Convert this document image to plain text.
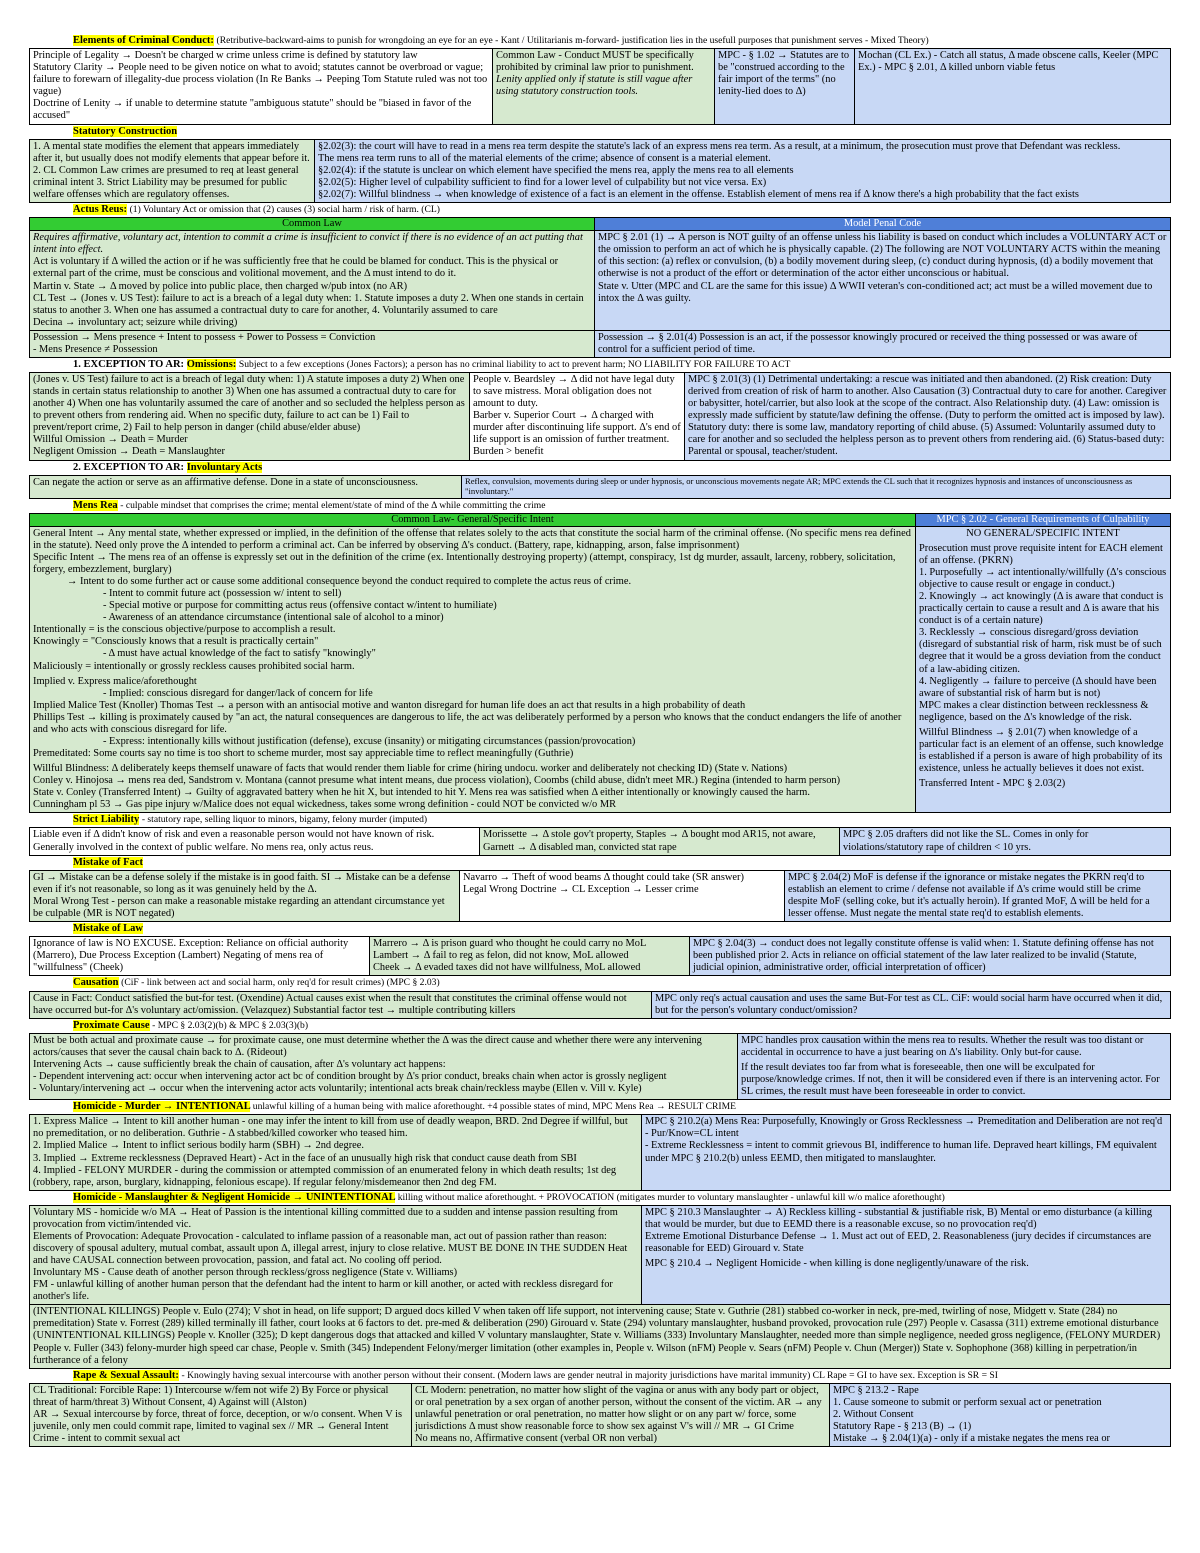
Elements of Criminal Conduct: (Retributive-backward-aims to punish for wrongdoing an eye for an eye - Kant / Utilitarianis m-forward- justification lies in the usefull purposes that punishment serves - Mixed Theory)

Principle of Legality → Doesn't be charged w crime unless crime is defined by statutory law

Statutory Clarity → People need to be given notice on what to avoid; statutes cannot be overbroad or vague; failure to forewarn of illegality-due process violation (In Re Banks → Peeping Tom Statute ruled was not too vague)

Doctrine of Lenity → if unable to determine statute "ambiguous statute" should be "biased in favor of the accused"

Common Law - Conduct MUST be specifically prohibited by criminal law prior to punishment.

Lenity applied only if statute is still vague after using statutory construction tools.

MPC - § 1.02 → Statutes are to be "construed according to the fair import of the terms" (no lenity-lied does to Δ)

Mochan (CL Ex.) - Catch all status, Δ made obscene calls, Keeler (MPC Ex.) - MPC § 2.01, Δ killed unborn viable fetus

Statutory Construction

1. A mental state modifies the element that appears immediately after it, but usually does not modify elements that appear before it. 2. CL Common Law crimes are presumed to req at least general criminal intent 3. Strict Liability may be presumed for public welfare offenses which are regulatory offenses.

§2.02(3): the court will have to read in a mens rea term despite the statute's lack of an express mens rea term. As a result, at a minimum, the prosecution must prove that Defendant was reckless.

The mens rea term runs to all of the material elements of the crime; absence of consent is a material element.

§2.02(4): if the statute is unclear on which element have specified the mens rea, apply the mens rea to all elements

§2.02(5): Higher level of culpability sufficient to find for a lower level of culpability but not vice versa. Ex)

§2.02(7): Willful blindness → when knowledge of existence of a fact is an element in the offense. Establish element of mens rea if Δ know there's a high probability that the fact exists

Actus Reus: (1) Voluntary Act or omission that (2) causes (3) social harm / risk of harm. (CL)
Common Law

Requires affirmative, voluntary act, intention to commit a crime is insufficient to convict if there is no evidence of an act putting that intent into effect.

Act is voluntary if Δ willed the action or if he was sufficiently free that he could be blamed for conduct. This is the physical or external part of the crime, must be conscious and volitional movement, and the Δ must intend to do it.

Martin v. State → Δ moved by police into public place, then charged w/pub intox (no AR)

CL Test → (Jones v. US Test): failure to act is a breach of a legal duty when: 1. Statute imposes a duty 2. When one stands in certain status to another 3. When one has assumed a contractual duty to care for another, 4. Voluntarily assumed to care

Decina → involuntary act; seizure while driving)

Model Penal Code

MPC § 2.01 (1) → A person is NOT guilty of an offense unless his liability is based on conduct which includes a VOLUNTARY ACT or the omission to perform an act of which he is physically capable. (2) The following are NOT VOLUNTARY ACTS within the meaning of this section: (a) reflex or convulsion, (b) a bodily movement during sleep, (c) conduct during hypnosis, (d) a bodily movement that otherwise is not a product of the effort or determination of the actor either unconscious or habitual.

State v. Utter (MPC and CL are the same for this issue) Δ WWII veteran's con-conditioned act; act must be a willed movement due to intox the Δ was guilty.

Possession → Mens presence + Intent to possess + Power to Possess = Conviction

- Mens Presence ≠ Possession

Possession → § 2.01(4) Possession is an act, if the possessor knowingly procured or received the thing possessed or was aware of control for a sufficient period of time.

1. EXCEPTION TO AR: Omissions: Subject to a few exceptions (Jones Factors); a person has no criminal liability to act to prevent harm; NO LIABILITY FOR FAILURE TO ACT

(Jones v. US Test) failure to act is a breach of legal duty when: 1) A statute imposes a duty 2) When one stands in certain status relationship to another 3) When one has assumed a contractual duty to care for another 4) When one has voluntarily assumed the care of another and so secluded the helpless person as to prevent others from rendering aid. When no specific duty, failure to act can be 1) Fail to prevent/report crime, 2) Fail to help person in danger (child abuse/elder abuse)

Willful Omission → Death = Murder

Negligent Omission → Death = Manslaughter

People v. Beardsley → Δ did not have legal duty to save mistress. Moral obligation does not amount to duty.

Barber v. Superior Court → Δ charged with murder after discontinuing life support. Δ's end of life support is an omission of further treatment. Burden > benefit

MPC § 2.01(3) (1) Detrimental undertaking: a rescue was initiated and then abandoned. (2) Risk creation: Duty derived from creation of risk of harm to another. Also Causation (3) Contractual duty to care for another. Caregiver or babysitter, hotel/carrier, but also look at the scope of the contract. Also Relationship duty. (4) Law: omission is expressly made sufficient by statute/law defining the offense. (Duty to perform the omitted act is imposed by law). Statutory duty: there is some law, mandatory reporting of child abuse. (5) Assumed: Voluntarily assumed duty to care for another and so secluded the helpless person as to prevent others from rendering aid. (6) Status-based duty: Parental or spousal, teacher/student.

2. EXCEPTION TO AR: Involuntary Acts

Can negate the action or serve as an affirmative defense. Done in a state of unconsciousness.	Reflex, convulsion, movements during sleep or under hypnosis, or unconscious movements negate AR; MPC extends the CL such that it recognizes hypnosis and instances of unconsciousness as "involuntary."

Mens Rea - culpable mindset that comprises the crime; mental element/state of mind of the Δ while committing the crime
Common Law- General/Specific Intent

General Intent → Any mental state, whether expressed or implied, in the definition of the offense that relates solely to the acts that constitute the social harm of the criminal offense. (No specific mens rea defined in the statute). Need only prove the Δ intended to perform a criminal act. Can be inferred by observing Δ's conduct. (Battery, rape, kidnapping, arson, false imprisonment)

Specific Intent → The mens rea of an offense is expressly set out in the definition of the crime (ex. Intentionally destroying property) (attempt, conspiracy, 1st dg murder, assault, larceny, robbery, solicitation, forgery, embezzlement, burglary)

→ Intent to do some further act or cause some additional consequence beyond the conduct required to complete the actus reus of crime.

- Intent to commit future act (possession w/ intent to sell)

- Special motive or purpose for committing actus reus (offensive contact w/intent to humiliate)

- Awareness of an attendance circumstance (intentional sale of alcohol to a minor)

Intentionally = is the conscious objective/purpose to accomplish a result.

Knowingly = "Consciously knows that a result is practically certain"

- Δ must have actual knowledge of the fact to satisfy "knowingly"

Maliciously = intentionally or grossly reckless causes prohibited social harm.

Implied v. Express malice/aforethought

- Implied: conscious disregard for danger/lack of concern for life

Implied Malice Test (Knoller) Thomas Test → a person with an antisocial motive and wanton disregard for human life does an act that results in a high probability of death

Phillips Test → killing is proximately caused by "an act, the natural consequences are dangerous to life, the act was deliberately performed by a person who knows that the conduct endangers the life of another and who acts with conscious disregard for life.

- Express: intentionally kills without justification (defense), excuse (insanity) or mitigating circumstances (passion/provocation)

Premeditated: Some courts say no time is too short to scheme murder, most say appreciable time to reflect meaningfully (Guthrie)

Willful Blindness: Δ deliberately keeps themself unaware of facts that would render them liable for crime (hiring undocu. worker and deliberately not checking ID) (State v. Nations)

Conley v. Hinojosa → mens rea ded, Sandstrom v. Montana (cannot presume what intent means, due process violation), Coombs (child abuse, didn't meet MR.) Regina (intended to harm person)

State v. Conley (Transferred Intent) → Guilty of aggravated battery when he hit X, but intended to hit Y. Mens rea was satisfied when Δ either intentionally or knowingly caused the harm.

Cunningham pl 53 → Gas pipe injury w/Malice does not equal wickedness, takes some wrong definition - could NOT be convicted w/o MR

MPC § 2.02 - General Requirements of Culpability

NO GENERAL/SPECIFIC INTENT

Prosecution must prove requisite intent for EACH element of an offense. (PKRN)

1. Purposefully → act intentionally/willfully (Δ's conscious objective to cause result or engage in conduct.)

2. Knowingly → act knowingly (Δ is aware that conduct is practically certain to cause a result and Δ is aware that his conduct is of a certain nature)

3. Recklessly → conscious disregard/gross deviation (disregard of substantial risk of harm, risk must be of such degree that it would be a gross deviation from the conduct of a law-abiding citizen.

4. Negligently → failure to perceive (Δ should have been aware of substantial risk of harm but is not)

MPC makes a clear distinction between recklessness & negligence, based on the Δ's knowledge of the risk.

Willful Blindness → § 2.01(7) when knowledge of a particular fact is an element of an offense, such knowledge is established if a person is aware of high probability of its existence, unless he actually believes it does not exist.

Transferred Intent - MPC § 2.03(2)

Strict Liability - statutory rape, selling liquor to minors, bigamy, felony murder (imputed)

Liable even if Δ didn't know of risk and even a reasonable person would not have known of risk. Generally involved in the context of public welfare. No mens rea, only actus reus.

Morissette → Δ stole gov't property, Staples → Δ bought mod AR15, not aware, Garnett → Δ disabled man, convicted stat rape

MPC § 2.05 drafters did not like the SL. Comes in only for violations/statutory rape of children < 10 yrs.

Mistake of Fact

GI → Mistake can be a defense solely if the mistake is in good faith. SI → Mistake can be a defense even if it's not reasonable, so long as it was genuinely held by the Δ.

Moral Wrong Test - person can make a reasonable mistake regarding an attendant circumstance yet be culpable (MR is NOT negated)

Navarro → Theft of wood beams Δ thought could take (SR answer)

Legal Wrong Doctrine → CL Exception → Lesser crime

MPC § 2.04(2) MoF is defense if the ignorance or mistake negates the PKRN req'd to establish an element to crime / defense not available if Δ's crime would still be crime despite MoF (selling coke, but it's actually heroin). If granted MoF, Δ will be held for a lesser offense. Must negate the mental state req'd to establish elements.

Mistake of Law

Ignorance of law is NO EXCUSE. Exception: Reliance on official authority (Marrero), Due Process Exception (Lambert) Negating of mens rea of "willfulness" (Cheek)

Marrero → Δ is prison guard who thought he could carry no MoL

Lambert → Δ fail to reg as felon, did not know, MoL allowed

Cheek → Δ evaded taxes did not have willfulness, MoL allowed

MPC § 2.04(3) → conduct does not legally constitute offense is valid when: 1. Statute defining offense has not been published prior 2. Acts in reliance on official statement of the law later realized to be invalid (Statute, judicial opinion, administrative order, official interpretation of officer)

Causation (CiF - link between act and social harm, only req'd for result crimes) (MPC § 2.03)

Cause in Fact: Conduct satisfied the but-for test. (Oxendine) Actual causes exist when the result that constitutes the criminal offense would not have occurred but-for Δ's voluntary act/omission. (Velazquez) Substantial factor test → multiple contributing killers

MPC only req's actual causation and uses the same But-For test as CL. CiF: would social harm have occurred when it did, but for the person's voluntary conduct/omission?

Proximate Cause - MPC § 2.03(2)(b) & MPC § 2.03(3)(b)

Must be both actual and proximate cause → for proximate cause, one must determine whether the Δ was the direct cause and whether there were any intervening actors/causes that sever the causal chain back to Δ. (Rideout)

Intervening Acts → cause sufficiently break the chain of causation, after Δ's voluntary act happens:

- Dependent intervening act: occur when intervening actor act bc of condition brought by Δ's prior conduct, breaks chain when actor is grossly negligent

- Voluntary/intervening act → occur when the intervening actor acts voluntarily; intentional acts break chain/reckless maybe (Ellen v. Vill v. Kyle)

MPC handles prox causation within the mens rea to results. Whether the result was too distant or accidental in occurrence to have a just bearing on Δ's liability. Only but-for cause.

If the result deviates too far from what is foreseeable, then one will be exculpated for purpose/knowledge crimes. If not, then it will be considered even if there is an intervening actor. For SL crimes, the result must have been foreseeable in order to convict.

Homicide - Murder → INTENTIONAL unlawful killing of a human being with malice aforethought. +4 possible states of mind, MPC Mens Rea → RESULT CRIME

1. Express Malice → Intent to kill another human - one may infer the intent to kill from use of deadly weapon, BRD. 2nd Degree if willful, but no premeditation, or no deliberation. Guthrie - Δ stabbed/killed coworker who teased him.

2. Implied Malice → Intent to inflict serious bodily harm (SBH) → 2nd degree.

3. Implied → Extreme recklessness (Depraved Heart) - Act in the face of an unusually high risk that conduct cause death from SBI

4. Implied - FELONY MURDER - during the commission or attempted commission of an enumerated felony in which death results; 1st deg (robbery, rape, arson, burglary, kidnapping, felonious escape). If regular felony/misdemeanor then 2nd deg FM.

MPC § 210.2(a) Mens Rea: Purposefully, Knowingly or Gross Recklessness → Premeditation and Deliberation are not req'd

- Pur/Know=CL intent

- Extreme Recklessness = intent to commit grievous BI, indifference to human life. Depraved heart killings, FM equivalent under MPC § 210.2(b) unless EEMD, then mitigated to manslaughter.

Homicide - Manslaughter & Negligent Homicide → UNINTENTIONAL killing without malice aforethought. + PROVOCATION (mitigates murder to voluntary manslaughter - unlawful kill w/o malice aforethought)

Voluntary MS - homicide w/o MA → Heat of Passion is the intentional killing committed due to a sudden and intense passion resulting from provocation from victim/intended vic.

Elements of Provocation: Adequate Provocation - calculated to inflame passion of a reasonable man, act out of passion rather than reason: discovery of spousal adultery, mutual combat, assault upon Δ, illegal arrest, injury to close relative. MUST BE DONE IN THE SUDDEN Heat and have CAUSAL connection between provocation, passion, and fatal act. No cooling off period.

Involuntary MS - Cause death of another person through reckless/gross negligence (State v. Williams)

FM - unlawful killing of another human person that the defendant had the intent to harm or kill another, or acted with reckless disregard for another's life.

MPC § 210.3 Manslaughter → A) Reckless killing - substantial & justifiable risk, B) Mental or emo disturbance (a killing that would be murder, but due to EEMD there is a reasonable excuse, so no provocation req'd)

Extreme Emotional Disturbance Defense → 1. Must act out of EED, 2. Reasonableness (jury decides if circumstances are reasonable for EED) Girouard v. State

MPC § 210.4 → Negligent Homicide - when killing is done negligently/unaware of the risk.

(INTENTIONAL KILLINGS) People v. Eulo (274); V shot in head, on life support; D argued docs killed V when taken off life support, not intervening cause; State v. Guthrie (281) stabbed co-worker in neck, pre-med, twirling of nose, Midgett v. State (284) no premeditation) State v. Forrest (289) killed terminally ill father, court looks at 6 factors to det. pre-med & deliberation (290) Girouard v. State (294) voluntary manslaughter, husband provoked, provocation rule (297) People v. Casassa (311) extreme emotional disturbance

(UNINTENTIONAL KILLINGS) People v. Knoller (325); D kept dangerous dogs that attacked and killed V voluntary manslaughter, State v. Williams (333) Involuntary Manslaughter, needed more than simple negligence, needed gross negligence, (FELONY MURDER) People v. Fuller (343) felony-murder high speed car chase, People v. Smith (345) Independent Felony/merger limitation (other examples in, People v. Wilson (nFM) People v. Sears (nFM) People v. Chun (Merger)) State v. Sophophone (368) killing in perpetration/in furtherance of a felony

Rape & Sexual Assault: - Knowingly having sexual intercourse with another person without their consent. (Modern laws are gender neutral in majority jurisdictions have marital immunity) CL Rape = GI to have sex. Exception is SR = SI

CL Traditional: Forcible Rape: 1) Intercourse w/fem not wife 2) By Force or physical threat of harm/threat 3) Without Consent, 4) Against will (Alston)

AR → Sexual intercourse by force, threat of force, deception, or w/o consent. When V is juvenile, only men could commit rape, limited to vaginal sex // MR → General Intent Crime - intent to commit sexual act

CL Modern: penetration, no matter how slight of the vagina or anus with any body part or object, or oral penetration by a sex organ of another person, without the consent of the victim. AR → any unlawful penetration or oral penetration, no matter how slight or on any part w/ force, some jurisdictions Δ must show reasonable force to show sex against V's will // MR → GI Crime

No means no, Affirmative consent (verbal OR non verbal)

MPC § 213.2 - Rape

1. Cause someone to submit or perform sexual act or penetration

2. Without Consent

Statutory Rape - § 213 (B) → (1)

Mistake → § 2.04(1)(a) - only if a mistake negates the mens rea or
